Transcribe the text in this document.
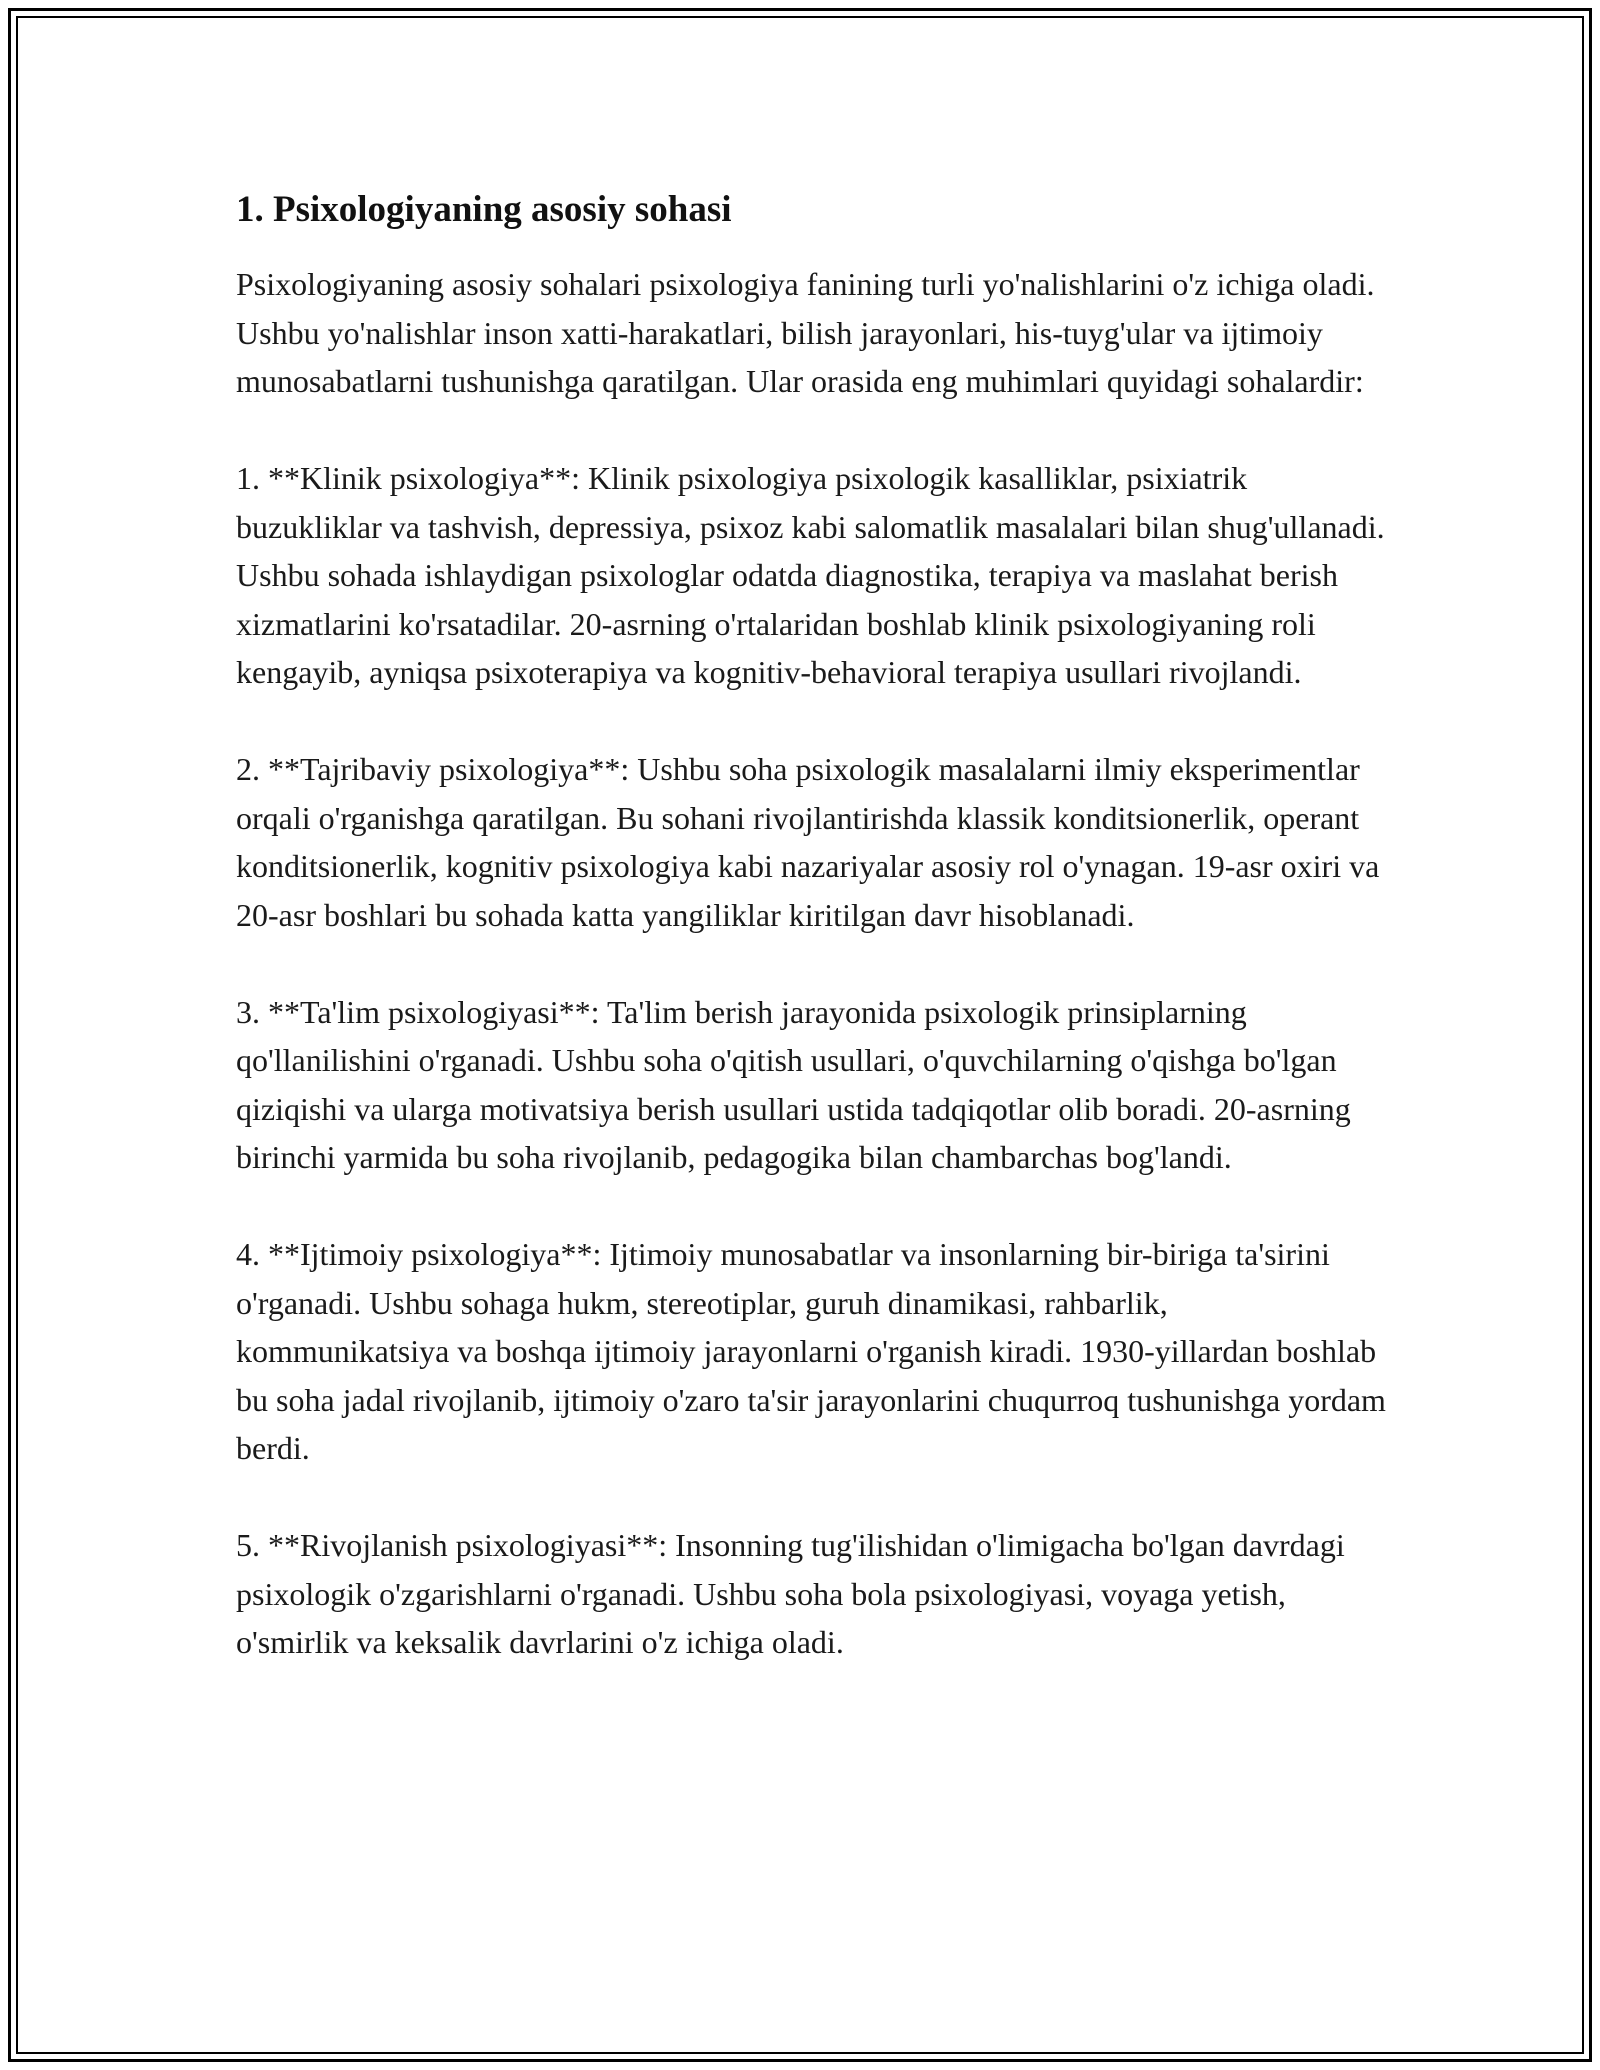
1. Psixologiyaning asosiy sohasi

Psixologiyaning asosiy sohalari psixologiya fanining turli yo'nalishlarini o'z ichiga oladi. Ushbu yo'nalishlar inson xatti-harakatlari, bilish jarayonlari, his-tuyg'ular va ijtimoiy munosabatlarni tushunishga qaratilgan. Ular orasida eng muhimlari quyidagi sohalardir:

1. **Klinik psixologiya**: Klinik psixologiya psixologik kasalliklar, psixiatrik buzukliklar va tashvish, depressiya, psixoz kabi salomatlik masalalari bilan shug'ullanadi. Ushbu sohada ishlaydigan psixologlar odatda diagnostika, terapiya va maslahat berish xizmatlarini ko'rsatadilar. 20-asrning o'rtalaridan boshlab klinik psixologiyaning roli kengayib, ayniqsa psixoterapiya va kognitiv-behavioral terapiya usullari rivojlandi.

2. **Tajribaviy psixologiya**: Ushbu soha psixologik masalalarni ilmiy eksperimentlar orqali o'rganishga qaratilgan. Bu sohani rivojlantirishda klassik konditsionerlik, operant konditsionerlik, kognitiv psixologiya kabi nazariyalar asosiy rol o'ynagan. 19-asr oxiri va 20-asr boshlari bu sohada katta yangiliklar kiritilgan davr hisoblanadi.

3. **Ta'lim psixologiyasi**: Ta'lim berish jarayonida psixologik prinsiplarning qo'llanilishini o'rganadi. Ushbu soha o'qitish usullari, o'quvchilarning o'qishga bo'lgan qiziqishi va ularga motivatsiya berish usullari ustida tadqiqotlar olib boradi. 20-asrning birinchi yarmida bu soha rivojlanib, pedagogika bilan chambarchas bog'landi.

4. **Ijtimoiy psixologiya**: Ijtimoiy munosabatlar va insonlarning bir-biriga ta'sirini o'rganadi. Ushbu sohaga hukm, stereotiplar, guruh dinamikasi, rahbarlik, kommunikatsiya va boshqa ijtimoiy jarayonlarni o'rganish kiradi. 1930-yillardan boshlab bu soha jadal rivojlanib, ijtimoiy o'zaro ta'sir jarayonlarini chuqurroq tushunishga yordam berdi.

5. **Rivojlanish psixologiyasi**: Insonning tug'ilishidan o'limigacha bo'lgan davrdagi psixologik o'zgarishlarni o'rganadi. Ushbu soha bola psixologiyasi, voyaga yetish, o'smirlik va keksalik davrlarini o'z ichiga oladi.
